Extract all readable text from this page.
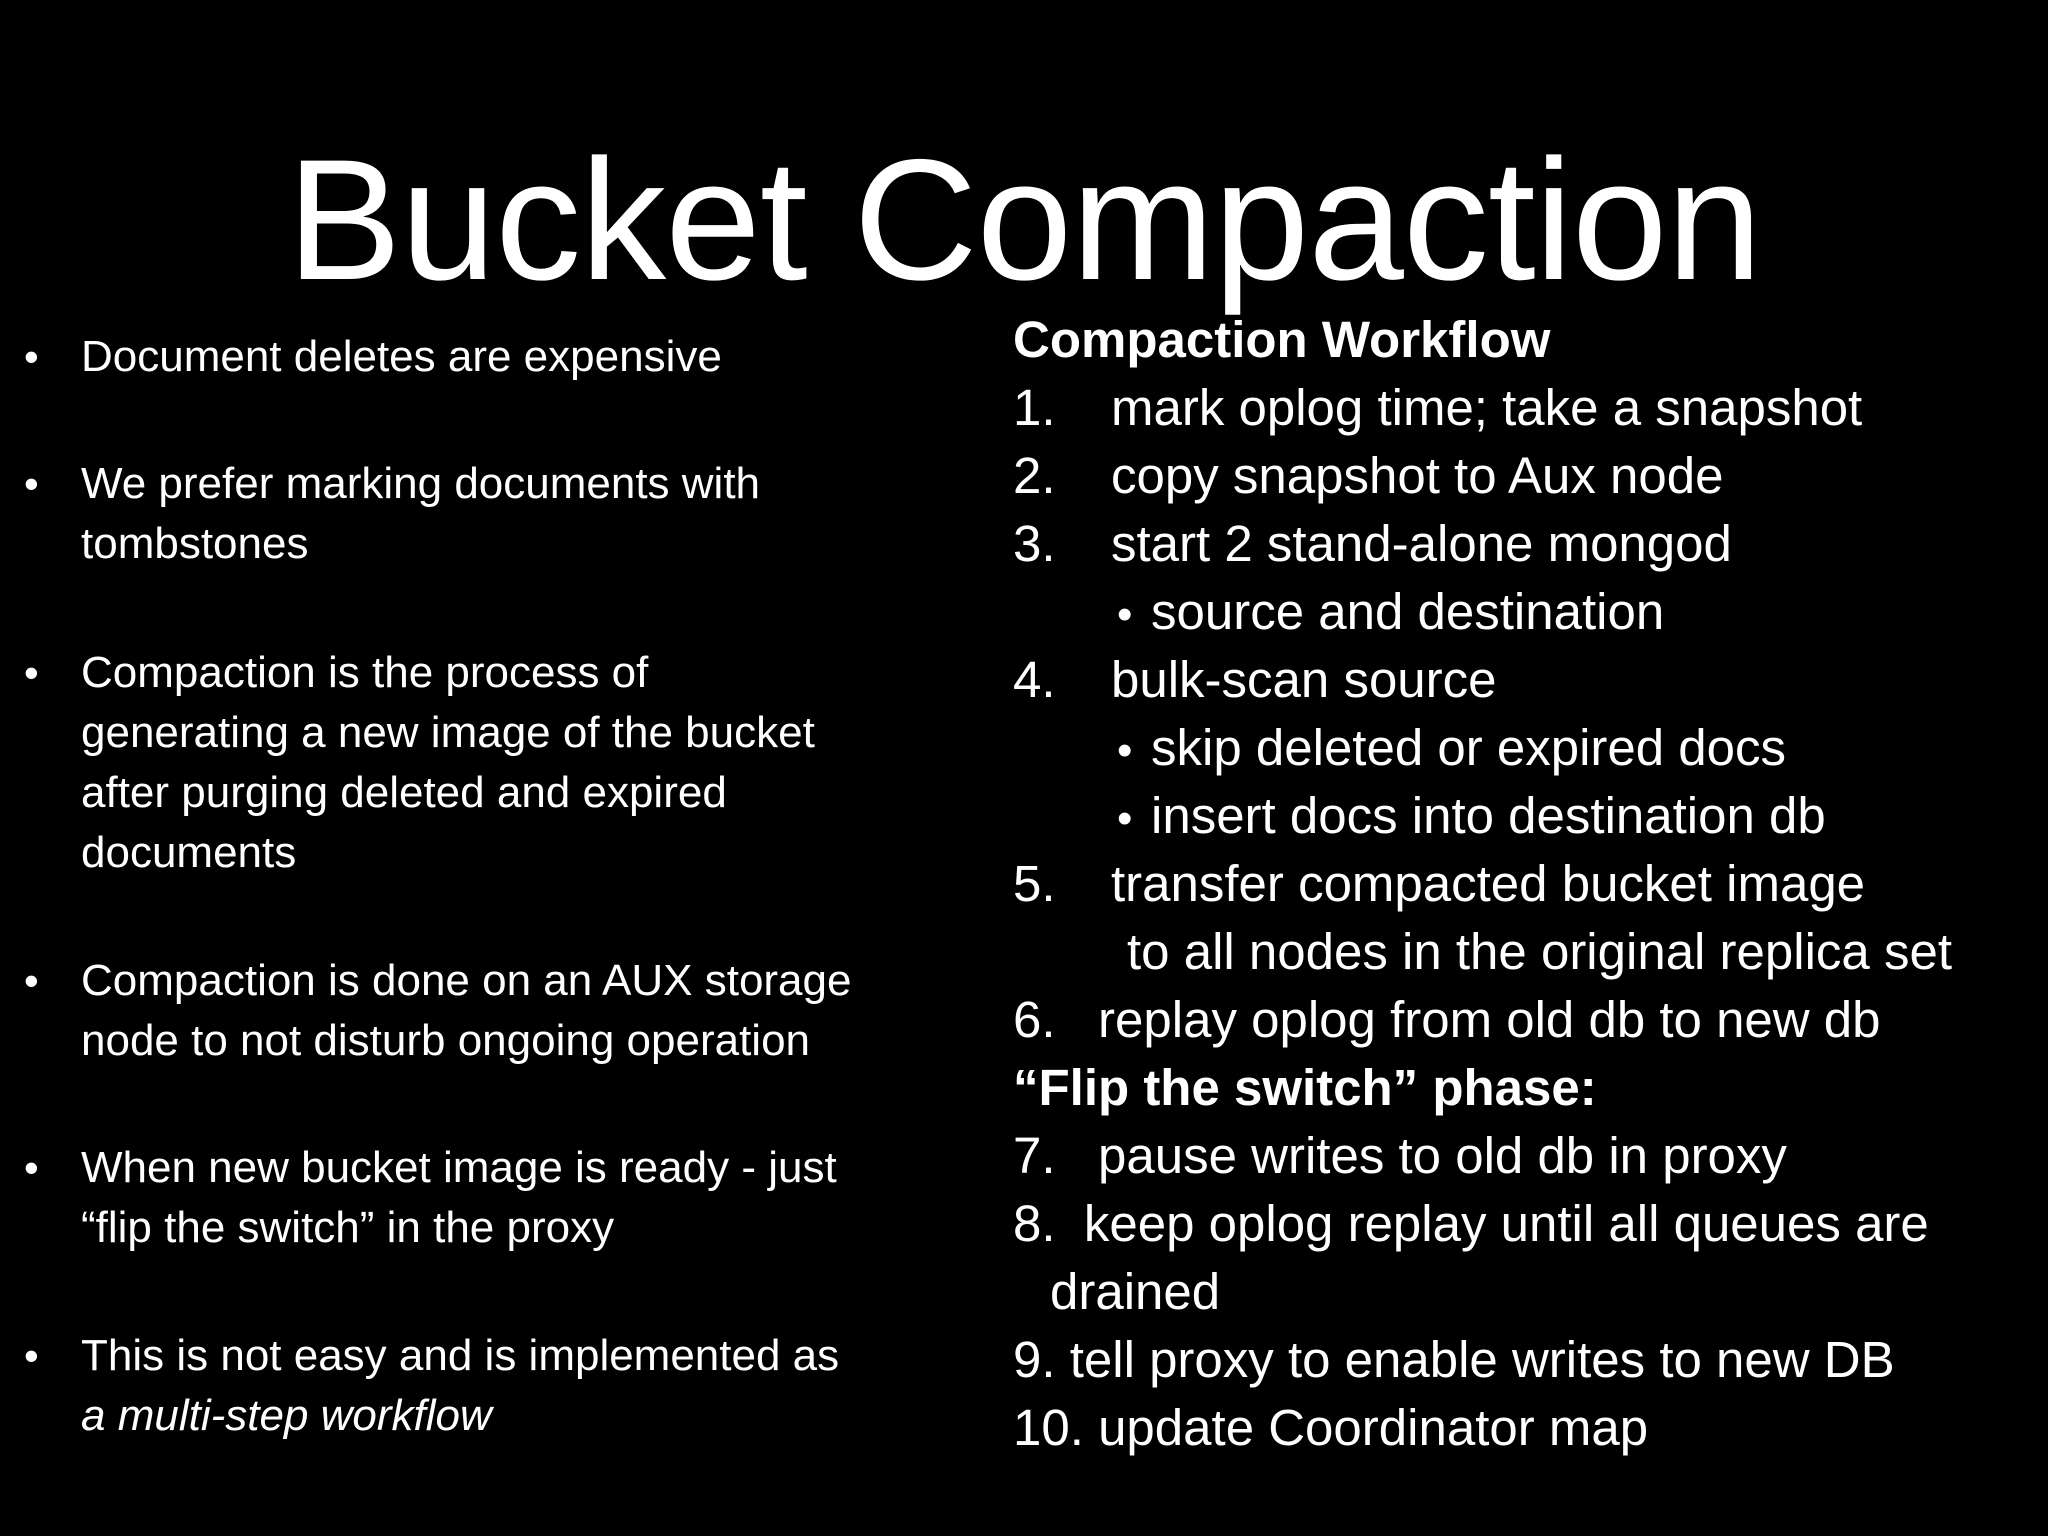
Bucket Compaction
• Document deletes are expensive
• We prefer marking documents with
tombstones
• Compaction is the process of
generating a new image of the bucket
after purging deleted and expired
documents
• Compaction is done on an AUX storage
node to not disturb ongoing operation
• When new bucket image is ready - just
“flip the switch” in the proxy
• This is not easy and is implemented as
a multi-step workflow
Compaction Workflow
1. mark oplog time; take a snapshot
2. copy snapshot to Aux node
3. start 2 stand-alone mongod
• source and destination
4. bulk-scan source
• skip deleted or expired docs
• insert docs into destination db
5. transfer compacted bucket image
to all nodes in the original replica set
6.   replay oplog from old db to new db
“Flip the switch” phase:
7.   pause writes to old db in proxy
8.  keep oplog replay until all queues are
drained
9. tell proxy to enable writes to new DB
10. update Coordinator map
